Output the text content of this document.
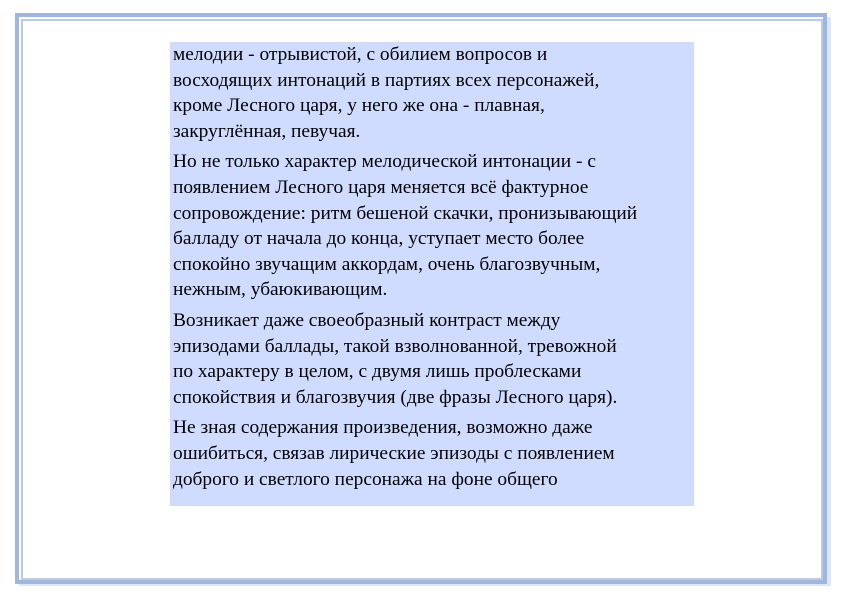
мелодии - отрывистой, с обилием вопросов и
восходящих интонаций в партиях всех персонажей,
кроме Лесного царя, у него же она - плавная,
закруглённая, певучая.

Но не только характер мелодической интонации - с
появлением Лесного царя меняется всё фактурное
сопровождение: ритм бешеной скачки, пронизывающий
балладу от начала до конца, уступает место более
спокойно звучащим аккордам, очень благозвучным,
нежным, убаюкивающим.

Возникает даже своеобразный контраст между
эпизодами баллады, такой взволнованной, тревожной
по характеру в целом, с двумя лишь проблесками
спокойствия и благозвучия (две фразы Лесного царя).

Не зная содержания произведения, возможно даже
ошибиться, связав лирические эпизоды с появлением
доброго и светлого персонажа на фоне общего
